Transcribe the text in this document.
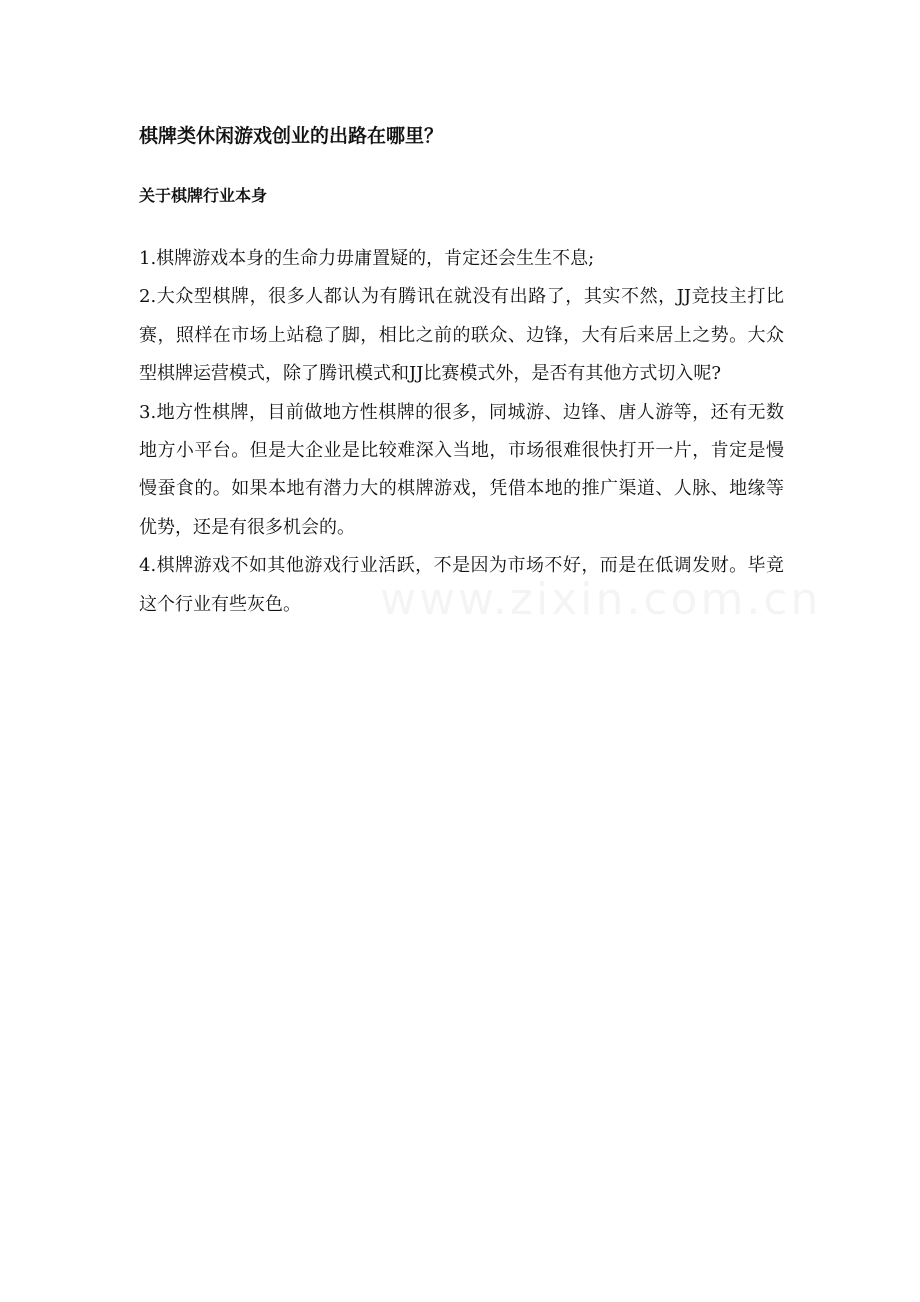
棋牌类休闲游戏创业的出路在哪里？
关于棋牌行业本身

1.棋牌游戏本身的生命力毋庸置疑的，肯定还会生生不息;

2.大众型棋牌，很多人都认为有腾讯在就没有出路了，其实不然，JJ竞技主打比赛，照样在市场上站稳了脚，相比之前的联众、边锋，大有后来居上之势。大众型棋牌运营模式，除了腾讯模式和JJ比赛模式外，是否有其他方式切入呢?

3.地方性棋牌，目前做地方性棋牌的很多，同城游、边锋、唐人游等，还有无数地方小平台。但是大企业是比较难深入当地，市场很难很快打开一片，肯定是慢慢蚕食的。如果本地有潜力大的棋牌游戏，凭借本地的推广渠道、人脉、地缘等优势，还是有很多机会的。

4.棋牌游戏不如其他游戏行业活跃，不是因为市场不好，而是在低调发财。毕竟这个行业有些灰色。
